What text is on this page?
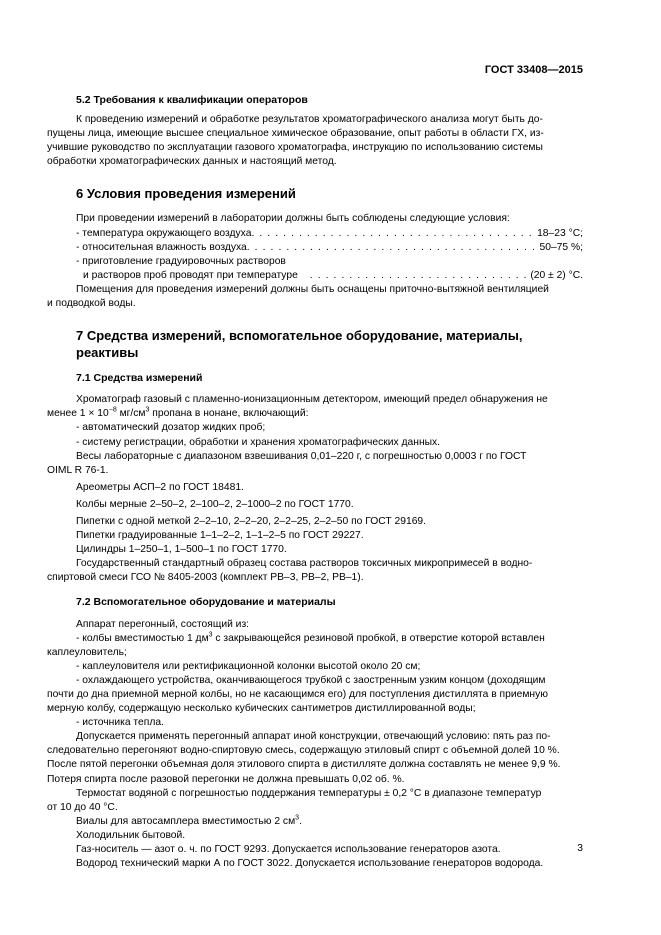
ГОСТ 33408—2015

5.2 Требования к квалификации операторов

К проведению измерений и обработке результатов хроматографического анализа могут быть до-

пущены лица, имеющие высшее специальное химическое образование, опыт работы в области ГХ, из-

учившие руководство по эксплуатации газового хроматографа, инструкцию по использованию системы

обработки хроматографических данных и настоящий метод.

6 Условия проведения измерений

При проведении измерений в лаборатории должны быть соблюдены следующие условия:

- температура окружающего воздуха . . .	18–23 °С;
- относительная влажность воздуха . . .	50–75 %;

- приготовление градуировочных растворов

и растворов проб проводят при температуре . . .	(20 ± 2) °С.

Помещения для проведения измерений должны быть оснащены приточно-вытяжной вентиляцией

и подводкой воды.

7 Средства измерений, вспомогательное оборудование, материалы,

реактивы

7.1 Средства измерений

Хроматограф газовый с пламенно-ионизационным детектором, имеющий предел обнаружения не

менее $1 \times 10^{-8}$ $мг/см^3$ пропана в нонане, включающий:

- автоматический дозатор жидких проб;

- систему регистрации, обработки и хранения хроматографических данных.

Весы лабораторные с диапазоном взвешивания 0,01–220 г, с погрешностью 0,0003 г по ГОСТ

OIML R 76-1.

Ареометры АСП–2 по ГОСТ 18481.

Колбы мерные 2–50–2, 2–100–2, 2–1000–2 по ГОСТ 1770.

Пипетки с одной меткой 2–2–10, 2–2–20, 2–2–25, 2–2–50 по ГОСТ 29169.

Пипетки градуированные 1–1–2–2, 1–1–2–5 по ГОСТ 29227.

Цилиндры 1–250–1, 1–500–1 по ГОСТ 1770.

Государственный стандартный образец состава растворов токсичных микропримесей в водно-

спиртовой смеси ГСО № 8405-2003 (комплект РВ–3, РВ–2, РВ–1).

7.2 Вспомогательное оборудование и материалы

Аппарат перегонный, состоящий из:

- колбы вместимостью 1 $дм^3$ с закрывающейся резиновой пробкой, в отверстие которой вставлен

каплеуловитель;

- каплеуловителя или ректификационной колонки высотой около 20 см;

- охлаждающего устройства, оканчивающегося трубкой с заостренным узким концом (доходящим

почти до дна приемной мерной колбы, но не касающимся его) для поступления дистиллята в приемную

мерную колбу, содержащую несколько кубических сантиметров дистиллированной воды;

- источника тепла.

Допускается применять перегонный аппарат иной конструкции, отвечающий условию: пять раз по-

следовательно перегоняют водно-спиртовую смесь, содержащую этиловый спирт с объемной долей 10 %.

После пятой перегонки объемная доля этилового спирта в дистилляте должна составлять не менее 9,9 %.

Потеря спирта после разовой перегонки не должна превышать 0,02 об. %.

Термостат водяной с погрешностью поддержания температуры ± 0,2 °С в диапазоне температур

от 10 до 40 °С.

Виалы для автосамплера вместимостью 2 $см^3$.

Холодильник бытовой.

Газ-носитель — азот о. ч. по ГОСТ 9293. Допускается использование генераторов азота.

Водород технический марки А по ГОСТ 3022. Допускается использование генераторов водорода.

3
